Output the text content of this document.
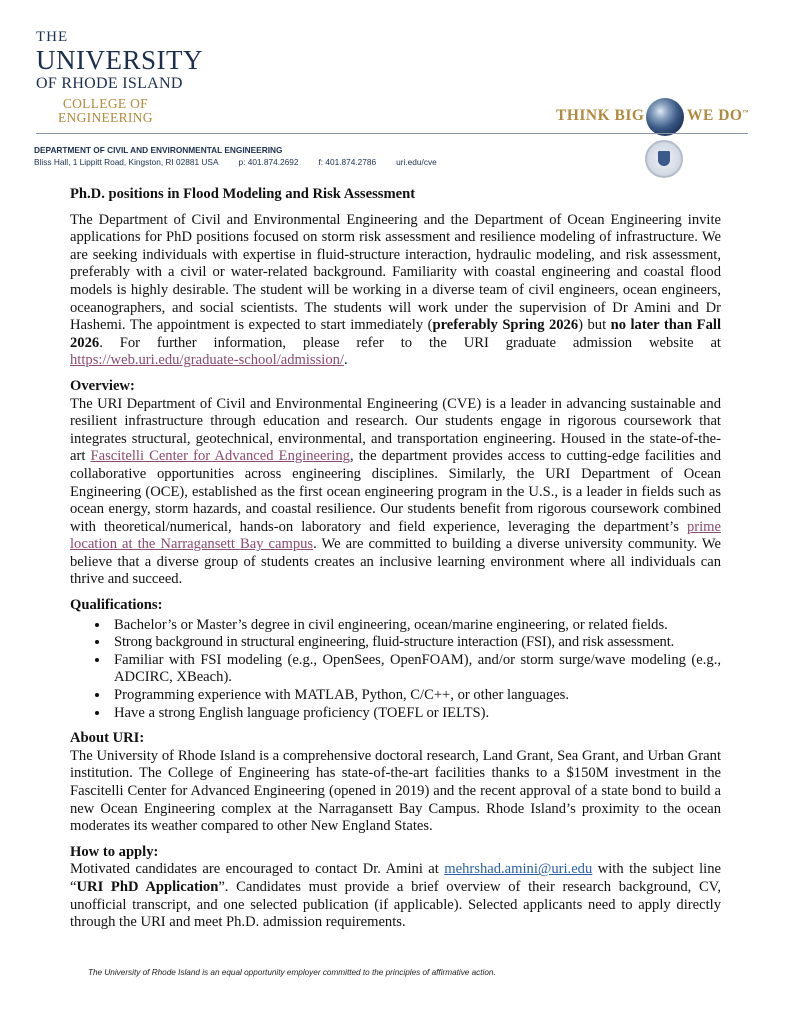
THE
UNIVERSITY
OF RHODE ISLAND
COLLEGE OF
ENGINEERING	THINK BIG	WE DO™
DEPARTMENT OF CIVIL AND ENVIRONMENTAL ENGINEERING
Bliss Hall, 1 Lippitt Road, Kingston, RI 02881 USA p: 401.874.2692 f: 401.874.2786 uri.edu/cve

Ph.D. positions in Flood Modeling and Risk Assessment

The Department of Civil and Environmental Engineering and the Department of Ocean Engineering invite applications for PhD positions focused on storm risk assessment and resilience modeling of infrastructure. We are seeking individuals with expertise in fluid-structure interaction, hydraulic modeling, and risk assessment, preferably with a civil or water-related background. Familiarity with coastal engineering and coastal flood models is highly desirable. The student will be working in a diverse team of civil engineers, ocean engineers, oceanographers, and social scientists. The students will work under the supervision of Dr Amini and Dr Hashemi. The appointment is expected to start immediately (preferably Spring 2026) but no later than Fall 2026. For further information, please refer to the URI graduate admission website at https://web.uri.edu/graduate-school/admission/.

Overview:

The URI Department of Civil and Environmental Engineering (CVE) is a leader in advancing sustainable and resilient infrastructure through education and research. Our students engage in rigorous coursework that integrates structural, geotechnical, environmental, and transportation engineering. Housed in the state-of-the-art Fascitelli Center for Advanced Engineering, the department provides access to cutting-edge facilities and collaborative opportunities across engineering disciplines. Similarly, the URI Department of Ocean Engineering (OCE), established as the first ocean engineering program in the U.S., is a leader in fields such as ocean energy, storm hazards, and coastal resilience. Our students benefit from rigorous coursework combined with theoretical/numerical, hands-on laboratory and field experience, leveraging the department’s prime location at the Narragansett Bay campus. We are committed to building a diverse university community. We believe that a diverse group of students creates an inclusive learning environment where all individuals can thrive and succeed.

Qualifications:

• Bachelor’s or Master’s degree in civil engineering, ocean/marine engineering, or related fields.
• Strong background in structural engineering, fluid-structure interaction (FSI), and risk assessment.
• Familiar with FSI modeling (e.g., OpenSees, OpenFOAM), and/or storm surge/wave modeling (e.g., ADCIRC, XBeach).
• Programming experience with MATLAB, Python, C/C++, or other languages.
• Have a strong English language proficiency (TOEFL or IELTS).

About URI:

The University of Rhode Island is a comprehensive doctoral research, Land Grant, Sea Grant, and Urban Grant institution. The College of Engineering has state-of-the-art facilities thanks to a $150M investment in the Fascitelli Center for Advanced Engineering (opened in 2019) and the recent approval of a state bond to build a new Ocean Engineering complex at the Narragansett Bay Campus. Rhode Island’s proximity to the ocean moderates its weather compared to other New England States.

How to apply:

Motivated candidates are encouraged to contact Dr. Amini at mehrshad.amini@uri.edu with the subject line “URI PhD Application”. Candidates must provide a brief overview of their research background, CV, unofficial transcript, and one selected publication (if applicable). Selected applicants need to apply directly through the URI and meet Ph.D. admission requirements.

The University of Rhode Island is an equal opportunity employer committed to the principles of affirmative action.
